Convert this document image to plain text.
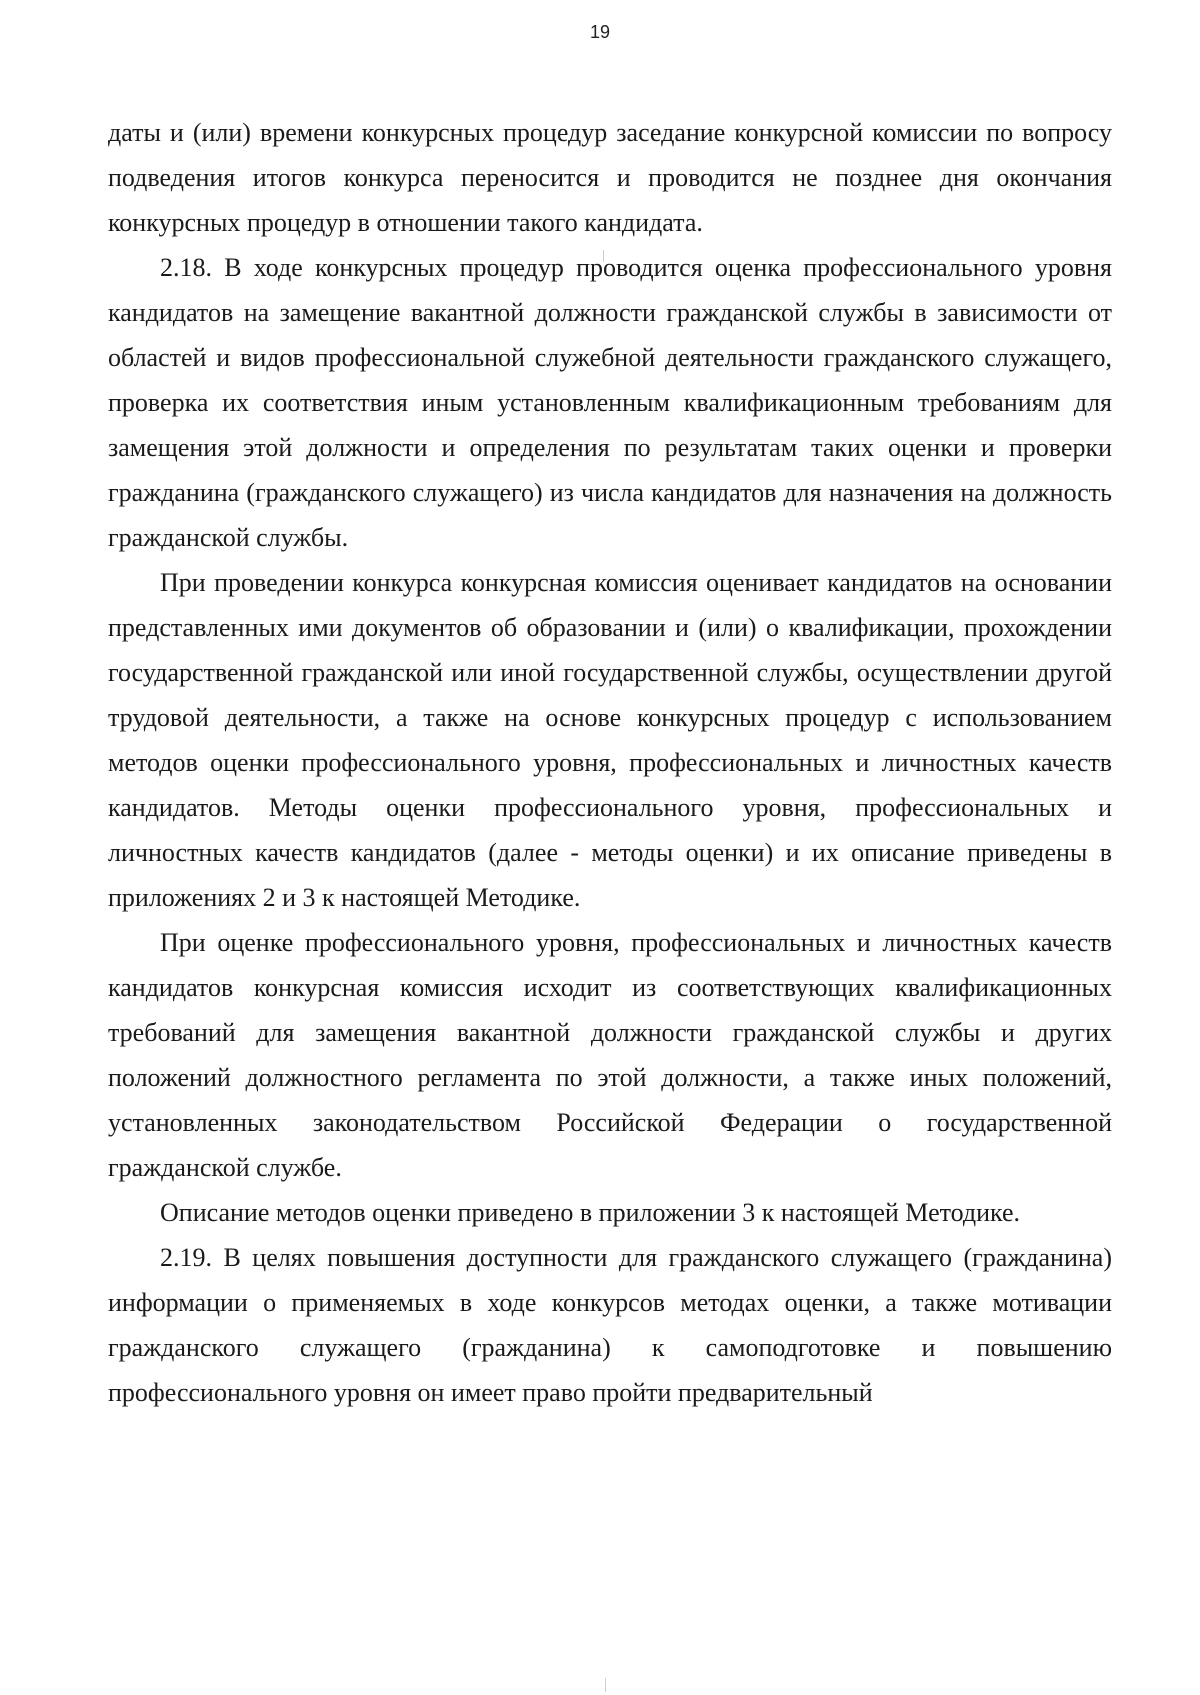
19

даты и (или) времени конкурсных процедур заседание конкурсной комиссии по вопросу подведения итогов конкурса переносится и проводится не позднее дня окончания конкурсных процедур в отношении такого кандидата.

2.18. В ходе конкурсных процедур проводится оценка профессионального уровня кандидатов на замещение вакантной должности гражданской службы в зависимости от областей и видов профессиональной служебной деятельности гражданского служащего, проверка их соответствия иным установленным квалификационным требованиям для замещения этой должности и определения по результатам таких оценки и проверки гражданина (гражданского служащего) из числа кандидатов для назначения на должность гражданской службы.

При проведении конкурса конкурсная комиссия оценивает кандидатов на основании представленных ими документов об образовании и (или) о квалификации, прохождении государственной гражданской или иной государственной службы, осуществлении другой трудовой деятельности, а также на основе конкурсных процедур с использованием методов оценки профессионального уровня, профессиональных и личностных качеств кандидатов. Методы оценки профессионального уровня, профессиональных и личностных качеств кандидатов (далее - методы оценки) и их описание приведены в приложениях 2 и 3 к настоящей Методике.

При оценке профессионального уровня, профессиональных и личностных качеств кандидатов конкурсная комиссия исходит из соответствующих квалификационных требований для замещения вакантной должности гражданской службы и других положений должностного регламента по этой должности, а также иных положений, установленных законодательством Российской Федерации о государственной гражданской службе.

Описание методов оценки приведено в приложении 3 к настоящей Методике.

2.19. В целях повышения доступности для гражданского служащего (гражданина) информации о применяемых в ходе конкурсов методах оценки, а также мотивации гражданского служащего (гражданина) к самоподготовке и повышению профессионального уровня он имеет право пройти предварительный
